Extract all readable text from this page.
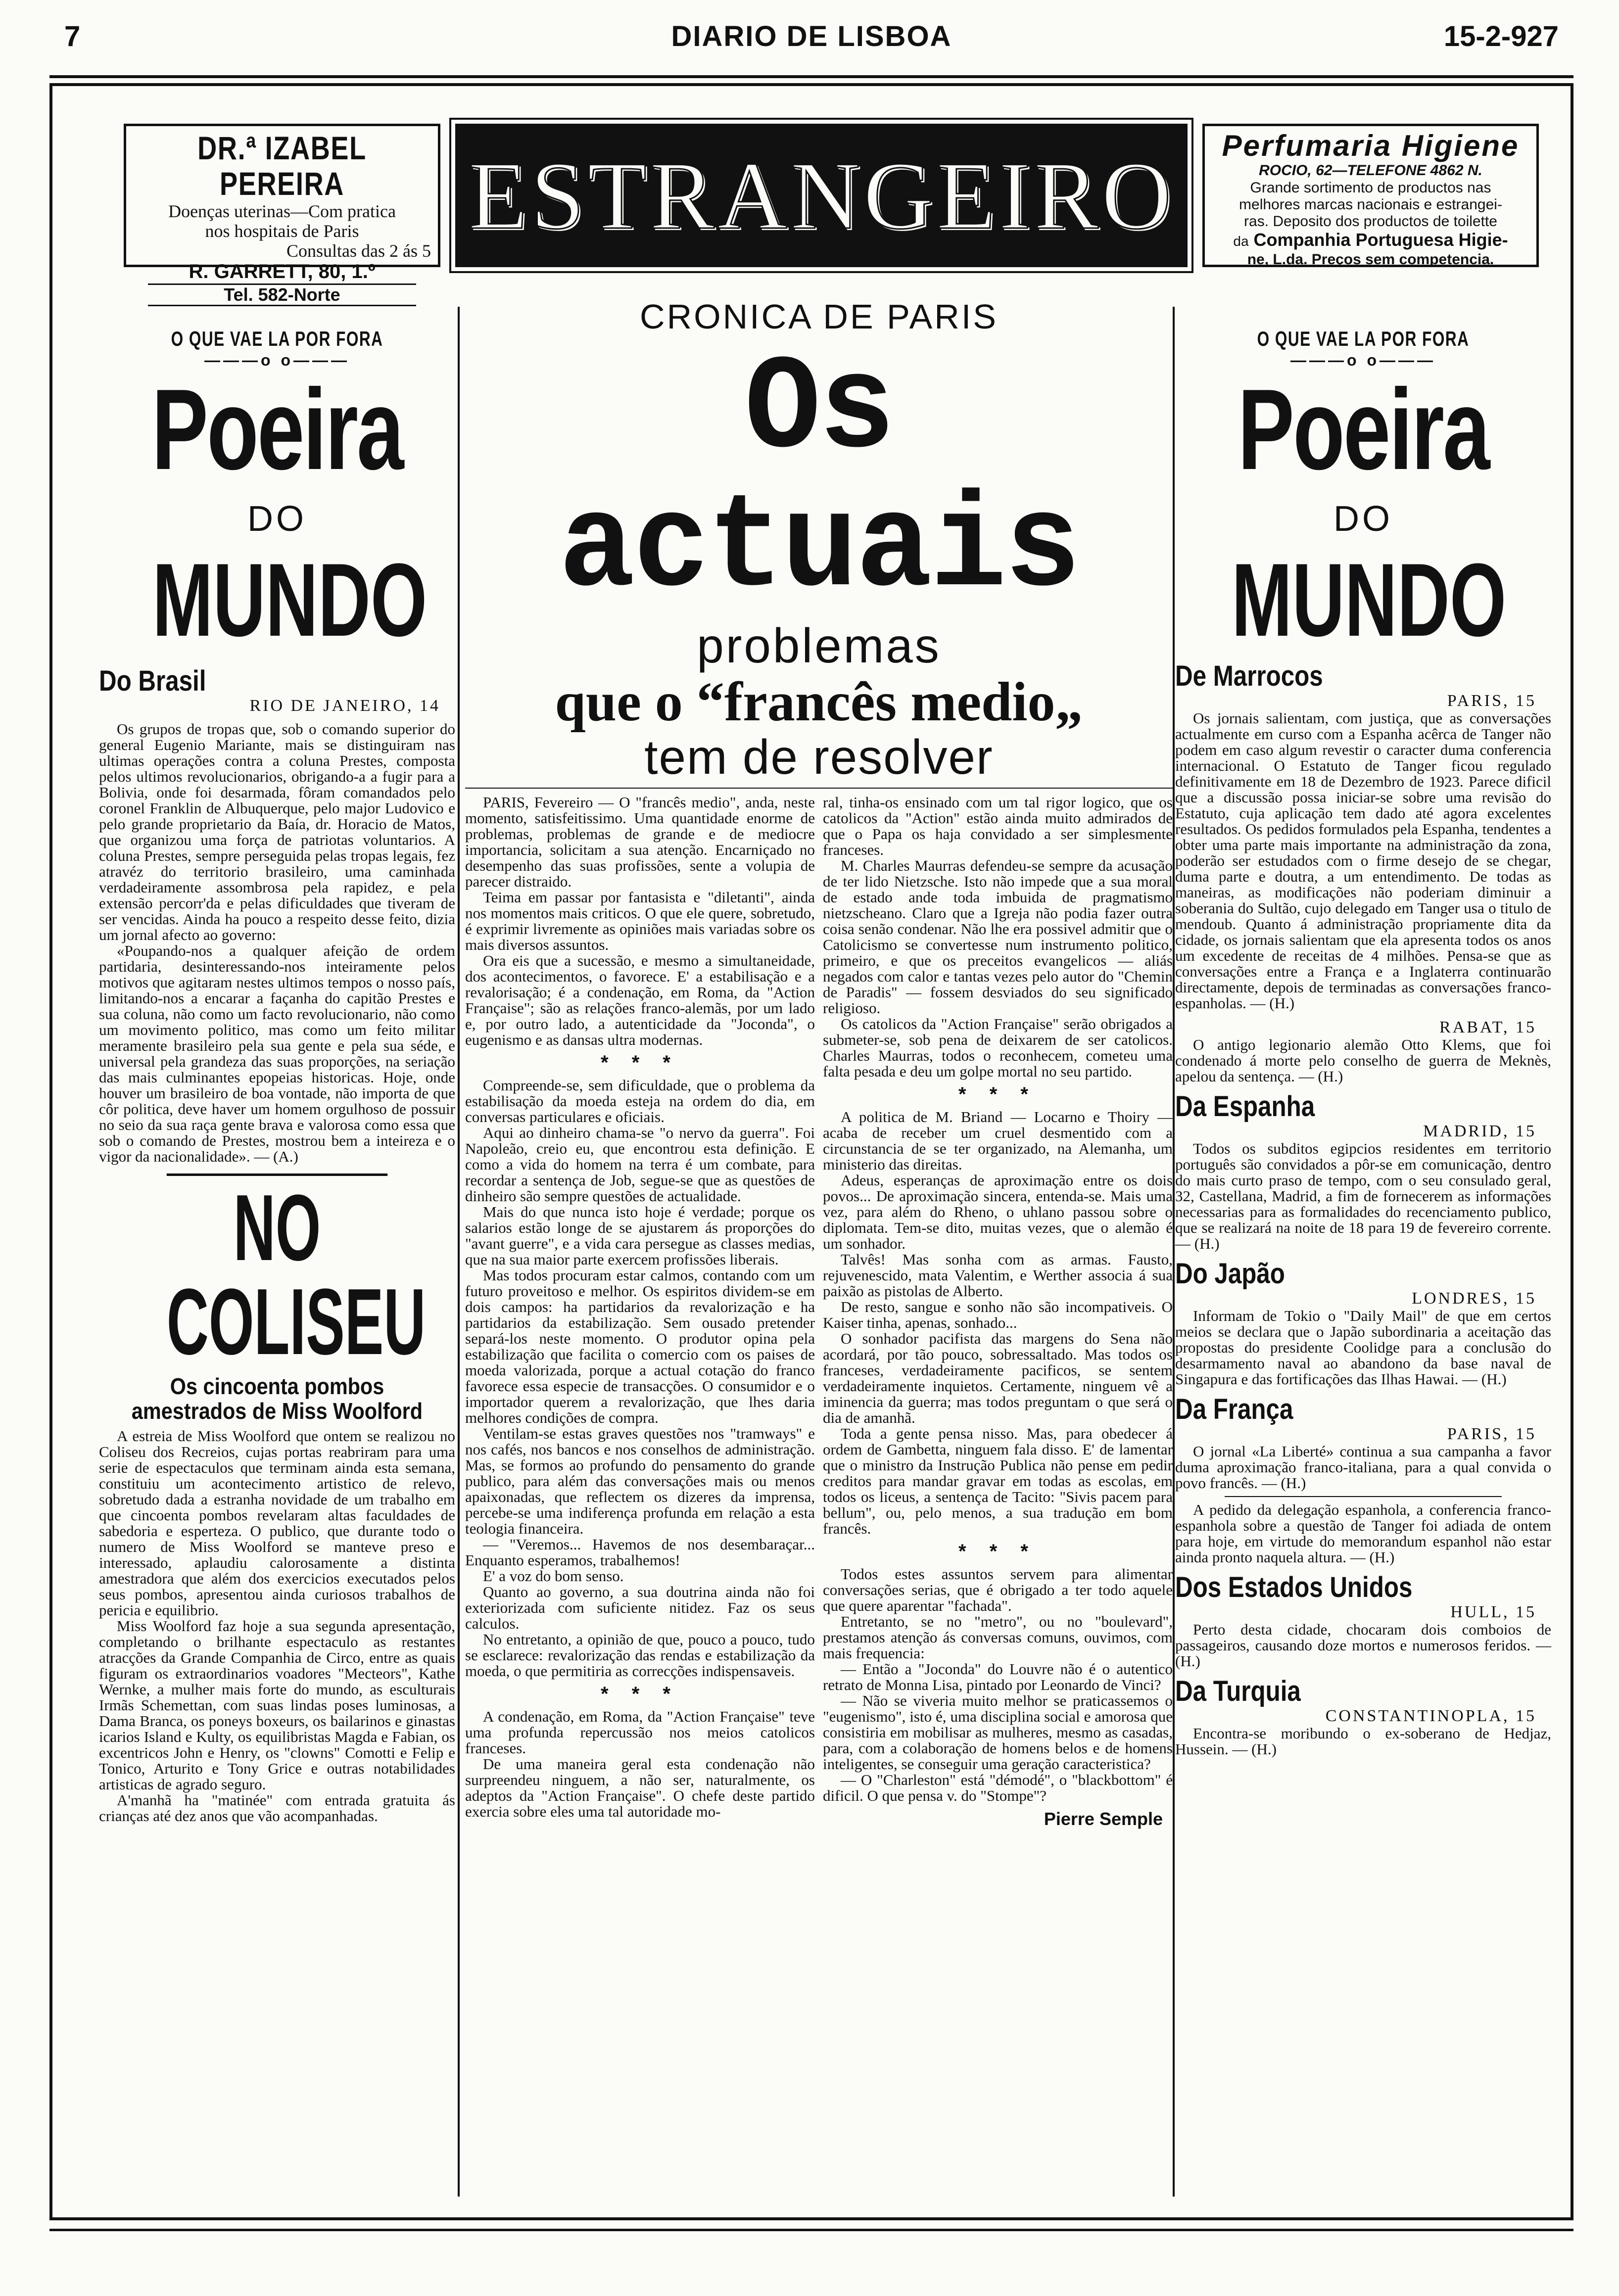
7	DIARIO DE LISBOA	15-2-927
DR.ª IZABEL PEREIRA
Doenças uterinas—Com pratica
nos hospitais de Paris
Consultas das 2 ás 5
R. GARRETT, 80, 1.º
Tel. 582-Norte
ESTRANGEIRO	Perfumaria Higiene
ROCIO, 62—TELEFONE 4862 N.
Grande sortimento de productos nas
melhores marcas nacionais e estrangei-
ras. Deposito dos productos de toilette
da Companhia Portuguesa Higie-
ne, L.da. Preços sem competencia.
O QUE VAE LA POR FORA
———o o———
Poeira
DO
MUNDO
Do Brasil
RIO DE JANEIRO, 14

Os grupos de tropas que, sob o comando superior do general Eugenio Mariante, mais se distinguiram nas ultimas operações contra a coluna Prestes, composta pelos ultimos revolucionarios, obrigando-a a fugir para a Bolivia, onde foi desarmada, fôram comandados pelo coronel Franklin de Albuquerque, pelo major Ludovico e pelo grande proprietario da Baía, dr. Horacio de Matos, que organizou uma força de patriotas voluntarios. A coluna Prestes, sempre perseguida pelas tropas legais, fez atravéz do territorio brasileiro, uma caminhada verdadeiramente assombrosa pela rapidez, e pela extensão percorr'da e pelas dificuldades que tiveram de ser vencidas. Ainda ha pouco a respeito desse feito, dizia um jornal afecto ao governo:

«Poupando-nos a qualquer afeição de ordem partidaria, desinteressando-nos inteiramente pelos motivos que agitaram nestes ultimos tempos o nosso país, limitando-nos a encarar a façanha do capitão Prestes e sua coluna, não como um facto revolucionario, não como um movimento politico, mas como um feito militar meramente brasileiro pela sua gente e pela sua séde, e universal pela grandeza das suas proporções, na seriação das mais culminantes epopeias historicas. Hoje, onde houver um brasileiro de boa vontade, não importa de que côr politica, deve haver um homem orgulhoso de possuir no seio da sua raça gente brava e valorosa como essa que sob o comando de Prestes, mostrou bem a inteireza e o vigor da nacionalidade». — (A.)

NO COLISEU
Os cincoenta pombos amestrados de Miss Woolford

A estreia de Miss Woolford que ontem se realizou no Coliseu dos Recreios, cujas portas reabriram para uma serie de espectaculos que terminam ainda esta semana, constituiu um acontecimento artistico de relevo, sobretudo dada a estranha novidade de um trabalho em que cincoenta pombos revelaram altas faculdades de sabedoria e esperteza. O publico, que durante todo o numero de Miss Woolford se manteve preso e interessado, aplaudiu calorosamente a distinta amestradora que além dos exercicios executados pelos seus pombos, apresentou ainda curiosos trabalhos de pericia e equilibrio.

Miss Woolford faz hoje a sua segunda apresentação, completando o brilhante espectaculo as restantes atracções da Grande Companhia de Circo, entre as quais figuram os extraordinarios voadores "Mecteors", Kathe Wernke, a mulher mais forte do mundo, as esculturais Irmãs Schemettan, com suas lindas poses luminosas, a Dama Branca, os poneys boxeurs, os bailarinos e ginastas icarios Island e Kulty, os equilibristas Magda e Fabian, os excentricos John e Henry, os "clowns" Comotti e Felip e Tonico, Arturito e Tony Grice e outras notabilidades artisticas de agrado seguro.

A'manhã ha "matinée" com entrada gratuita ás crianças até dez anos que vão acompanhadas.

CRONICA DE PARIS
Os actuais
problemas
que o “francês medio„
tem de resolver

PARIS, Fevereiro — O "francês medio", anda, neste momento, satisfeitissimo. Uma quantidade enorme de problemas, problemas de grande e de mediocre importancia, solicitam a sua atenção. Encarniçado no desempenho das suas profissões, sente a volupia de parecer distraido.

Teima em passar por fantasista e "diletanti", ainda nos momentos mais criticos. O que ele quere, sobretudo, é exprimir livremente as opiniões mais variadas sobre os mais diversos assuntos.

Ora eis que a sucessão, e mesmo a simultaneidade, dos acontecimentos, o favorece. E' a estabilisação e a revalorisação; é a condenação, em Roma, da "Action Française"; são as relações franco-alemãs, por um lado e, por outro lado, a autenticidade da "Joconda", o eugenismo e as dansas ultra modernas.

* * *

Compreende-se, sem dificuldade, que o problema da estabilisação da moeda esteja na ordem do dia, em conversas particulares e oficiais.

Aqui ao dinheiro chama-se "o nervo da guerra". Foi Napoleão, creio eu, que encontrou esta definição. E como a vida do homem na terra é um combate, para recordar a sentença de Job, segue-se que as questões de dinheiro são sempre questões de actualidade.

Mais do que nunca isto hoje é verdade; porque os salarios estão longe de se ajustarem ás proporções do "avant guerre", e a vida cara persegue as classes medias, que na sua maior parte exercem profissões liberais.

Mas todos procuram estar calmos, contando com um futuro proveitoso e melhor. Os espiritos dividem-se em dois campos: ha partidarios da revalorização e ha partidarios da estabilização. Sem ousado pretender separá-los neste momento. O produtor opina pela estabilização que facilita o comercio com os paises de moeda valorizada, porque a actual cotação do franco favorece essa especie de transacções. O consumidor e o importador querem a revalorização, que lhes daria melhores condições de compra.

Ventilam-se estas graves questões nos "tramways" e nos cafés, nos bancos e nos conselhos de administração. Mas, se formos ao profundo do pensamento do grande publico, para além das conversações mais ou menos apaixonadas, que reflectem os dizeres da imprensa, percebe-se uma indiferença profunda em relação a esta teologia financeira.

— "Veremos... Havemos de nos desembaraçar... Enquanto esperamos, trabalhemos!

E' a voz do bom senso.

Quanto ao governo, a sua doutrina ainda não foi exteriorizada com suficiente nitidez. Faz os seus calculos.

No entretanto, a opinião de que, pouco a pouco, tudo se esclarece: revalorização das rendas e estabilização da moeda, o que permitiria as correcções indispensaveis.

* * *

A condenação, em Roma, da "Action Française" teve uma profunda repercussão nos meios catolicos franceses.

De uma maneira geral esta condenação não surpreendeu ninguem, a não ser, naturalmente, os adeptos da "Action Française". O chefe deste partido exercia sobre eles uma tal autoridade mo-

ral, tinha-os ensinado com um tal rigor logico, que os catolicos da "Action" estão ainda muito admirados de que o Papa os haja convidado a ser simplesmente franceses.

M. Charles Maurras defendeu-se sempre da acusação de ter lido Nietzsche. Isto não impede que a sua moral de estado ande toda imbuida de pragmatismo nietzscheano. Claro que a Igreja não podia fazer outra coisa senão condenar. Não lhe era possivel admitir que o Catolicismo se convertesse num instrumento politico, primeiro, e que os preceitos evangelicos — aliás negados com calor e tantas vezes pelo autor do "Chemin de Paradis" — fossem desviados do seu significado religioso.

Os catolicos da "Action Française" serão obrigados a submeter-se, sob pena de deixarem de ser catolicos. Charles Maurras, todos o reconhecem, cometeu uma falta pesada e deu um golpe mortal no seu partido.

* * *

A politica de M. Briand — Locarno e Thoiry — acaba de receber um cruel desmentido com a circunstancia de se ter organizado, na Alemanha, um ministerio das direitas.

Adeus, esperanças de aproximação entre os dois povos... De aproximação sincera, entenda-se. Mais uma vez, para além do Rheno, o uhlano passou sobre o diplomata. Tem-se dito, muitas vezes, que o alemão é um sonhador.

Talvês! Mas sonha com as armas. Fausto, rejuvenescido, mata Valentim, e Werther associa á sua paixão as pistolas de Alberto.

De resto, sangue e sonho não são incompativeis. O Kaiser tinha, apenas, sonhado...

O sonhador pacifista das margens do Sena não acordará, por tão pouco, sobressaltado. Mas todos os franceses, verdadeiramente pacificos, se sentem verdadeiramente inquietos. Certamente, ninguem vê a iminencia da guerra; mas todos preguntam o que será o dia de amanhã.

Toda a gente pensa nisso. Mas, para obedecer á ordem de Gambetta, ninguem fala disso. E' de lamentar que o ministro da Instrução Publica não pense em pedir creditos para mandar gravar em todas as escolas, em todos os liceus, a sentença de Tacito: "Sivis pacem para bellum", ou, pelo menos, a sua tradução em bom francês.

* * *

Todos estes assuntos servem para alimentar conversações serias, que é obrigado a ter todo aquele que quere aparentar "fachada".

Entretanto, se no "metro", ou no "boulevard", prestamos atenção ás conversas comuns, ouvimos, com mais frequencia:

— Então a "Joconda" do Louvre não é o autentico retrato de Monna Lisa, pintado por Leonardo de Vinci?

— Não se viveria muito melhor se praticassemos o "eugenismo", isto é, uma disciplina social e amorosa que consistiria em mobilisar as mulheres, mesmo as casadas, para, com a colaboração de homens belos e de homens inteligentes, se conseguir uma geração caracteristica?

— O "Charleston" está "démodé", o "blackbottom" é dificil. O que pensa v. do "Stompe"?

Pierre Semple
O QUE VAE LA POR FORA
———o o———
Poeira
DO
MUNDO
De Marrocos
PARIS, 15

Os jornais salientam, com justiça, que as conversações actualmente em curso com a Espanha acêrca de Tanger não podem em caso algum revestir o caracter duma conferencia internacional. O Estatuto de Tanger ficou regulado definitivamente em 18 de Dezembro de 1923. Parece dificil que a discussão possa iniciar-se sobre uma revisão do Estatuto, cuja aplicação tem dado até agora excelentes resultados. Os pedidos formulados pela Espanha, tendentes a obter uma parte mais importante na administração da zona, poderão ser estudados com o firme desejo de se chegar, duma parte e doutra, a um entendimento. De todas as maneiras, as modificações não poderiam diminuir a soberania do Sultão, cujo delegado em Tanger usa o titulo de mendoub. Quanto á administração propriamente dita da cidade, os jornais salientam que ela apresenta todos os anos um excedente de receitas de 4 milhões. Pensa-se que as conversações entre a França e a Inglaterra continuarão directamente, depois de terminadas as conversações franco-espanholas. — (H.)

RABAT, 15

O antigo legionario alemão Otto Klems, que foi condenado á morte pelo conselho de guerra de Meknès, apelou da sentença. — (H.)

Da Espanha
MADRID, 15

Todos os subditos egipcios residentes em territorio português são convidados a pôr-se em comunicação, dentro do mais curto praso de tempo, com o seu consulado geral, 32, Castellana, Madrid, a fim de fornecerem as informações necessarias para as formalidades do recenciamento publico, que se realizará na noite de 18 para 19 de fevereiro corrente. — (H.)

Do Japão
LONDRES, 15

Informam de Tokio o "Daily Mail" de que em certos meios se declara que o Japão subordinaria a aceitação das propostas do presidente Coolidge para a conclusão do desarmamento naval ao abandono da base naval de Singapura e das fortificações das Ilhas Hawai. — (H.)

Da França
PARIS, 15

O jornal «La Liberté» continua a sua campanha a favor duma aproximação franco-italiana, para a qual convida o povo francês. — (H.)

A pedido da delegação espanhola, a conferencia franco-espanhola sobre a questão de Tanger foi adiada de ontem para hoje, em virtude do memorandum espanhol não estar ainda pronto naquela altura. — (H.)

Dos Estados Unidos
HULL, 15

Perto desta cidade, chocaram dois comboios de passageiros, causando doze mortos e numerosos feridos. — (H.)

Da Turquia
CONSTANTINOPLA, 15

Encontra-se moribundo o ex-soberano de Hedjaz, Hussein. — (H.)
